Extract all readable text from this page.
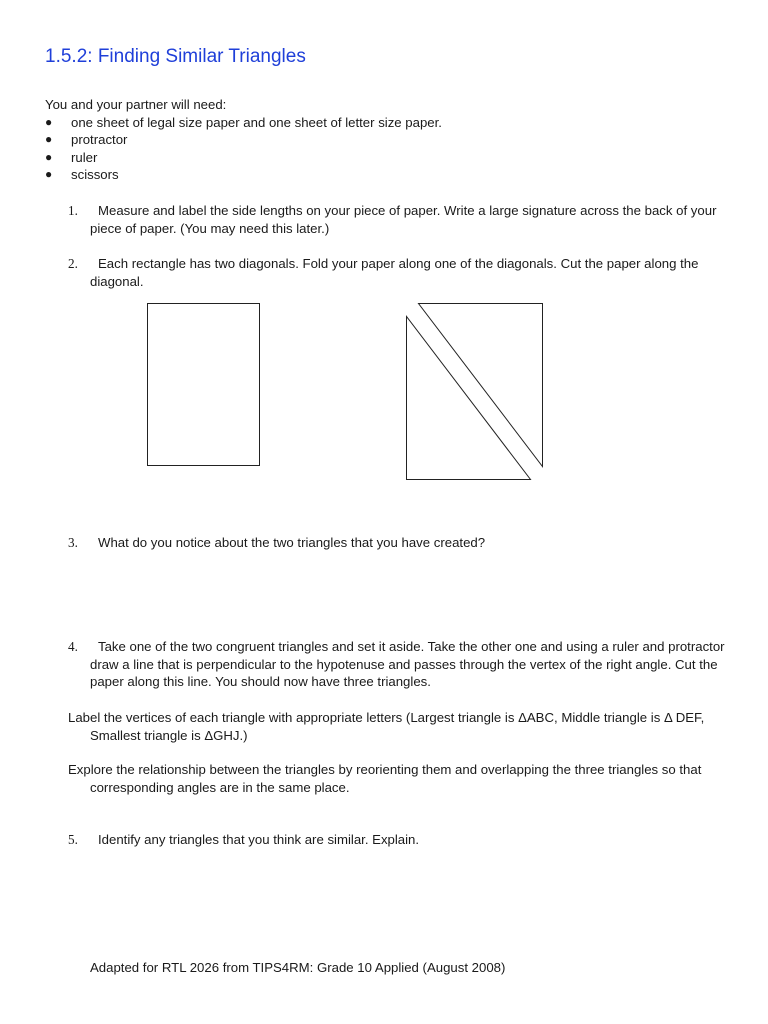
1.5.2: Finding Similar Triangles
You and your partner will need:
● one sheet of legal size paper and one sheet of letter size paper.
● protractor
● ruler
● scissors
1. Measure and label the side lengths on your piece of paper. Write a large signature across the back of your piece of paper. (You may need this later.)
2. Each rectangle has two diagonals. Fold your paper along one of the diagonals. Cut the paper along the diagonal.
3. What do you notice about the two triangles that you have created?
4. Take one of the two congruent triangles and set it aside. Take the other one and using a ruler and protractor draw a line that is perpendicular to the hypotenuse and passes through the vertex of the right angle. Cut the paper along this line. You should now have three triangles.
Label the vertices of each triangle with appropriate letters (Largest triangle is ΔABC, Middle triangle is Δ DEF, Smallest triangle is ΔGHJ.)
Explore the relationship between the triangles by reorienting them and overlapping the three triangles so that corresponding angles are in the same place.
5. Identify any triangles that you think are similar. Explain.
Adapted for RTL 2026 from TIPS4RM: Grade 10 Applied (August 2008)
